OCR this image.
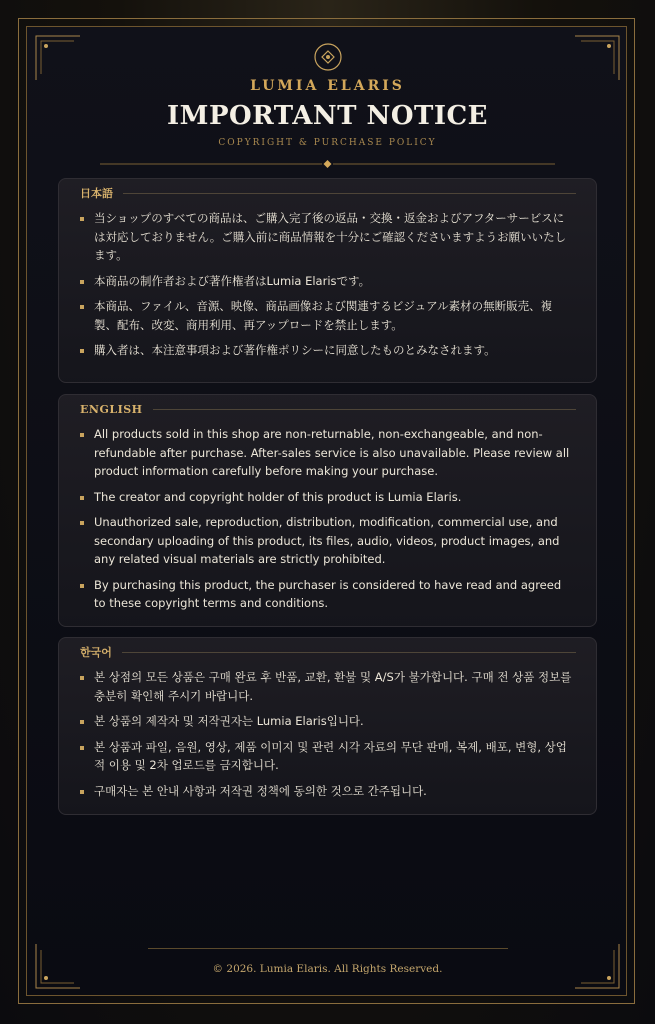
LUMIA ELARIS
IMPORTANT NOTICE
COPYRIGHT & PURCHASE POLICY
日本語
当ショップのすべての商品は、ご購入完了後の返品・交換・返金およびアフターサービスには対応しておりません。ご購入前に商品情報を十分にご確認くださいますようお願いいたします。
本商品の制作者および著作権者はLumia Elarisです。
本商品、ファイル、音源、映像、商品画像および関連するビジュアル素材の無断販売、複製、配布、改変、商用利用、再アップロードを禁止します。
購入者は、本注意事項および著作権ポリシーに同意したものとみなされます。
ENGLISH
All products sold in this shop are non-returnable, non-exchangeable, and non-refundable after purchase. After-sales service is also unavailable. Please review all product information carefully before making your purchase.
The creator and copyright holder of this product is Lumia Elaris.
Unauthorized sale, reproduction, distribution, modification, commercial use, and secondary uploading of this product, its files, audio, videos, product images, and any related visual materials are strictly prohibited.
By purchasing this product, the purchaser is considered to have read and agreed to these copyright terms and conditions.
한국어
본 상점의 모든 상품은 구매 완료 후 반품, 교환, 환불 및 A/S가 불가합니다. 구매 전 상품 정보를 충분히 확인해 주시기 바랍니다.
본 상품의 제작자 및 저작권자는 Lumia Elaris입니다.
본 상품과 파일, 음원, 영상, 제품 이미지 및 관련 시각 자료의 무단 판매, 복제, 배포, 변형, 상업적 이용 및 2차 업로드를 금지합니다.
구매자는 본 안내 사항과 저작권 정책에 동의한 것으로 간주됩니다.
© 2026. Lumia Elaris. All Rights Reserved.
